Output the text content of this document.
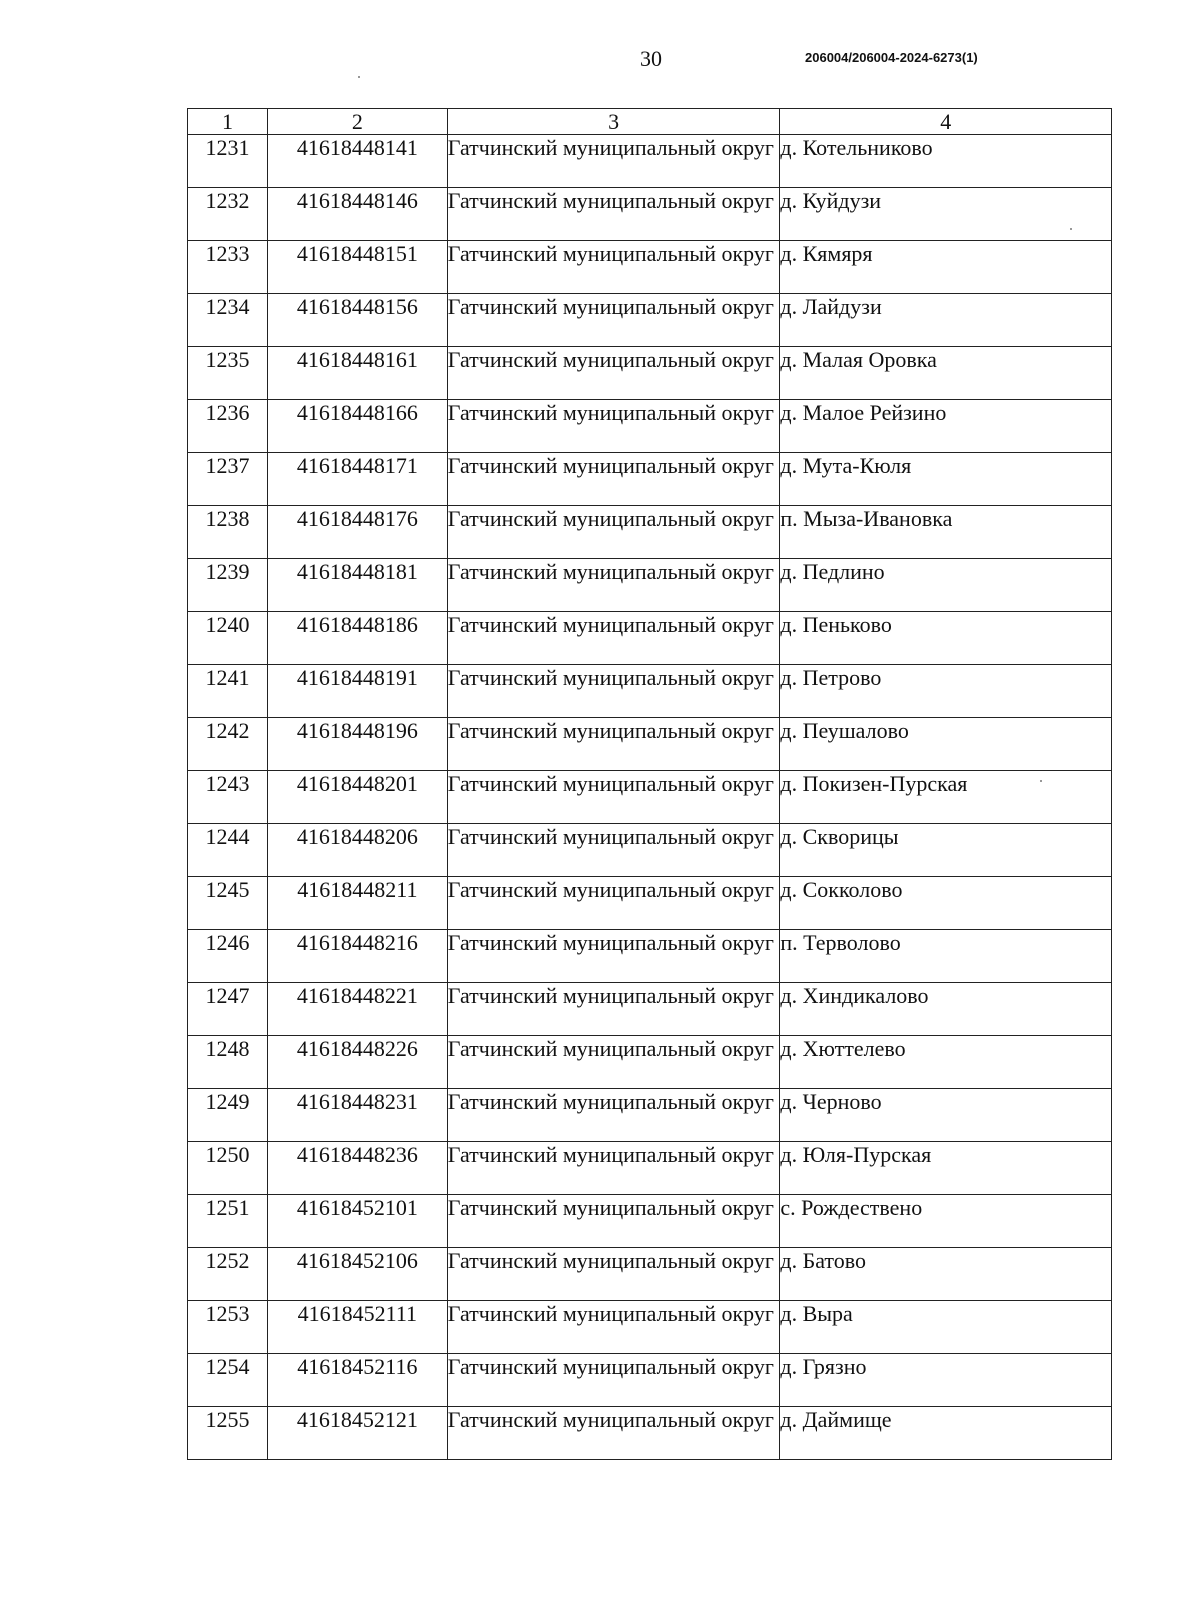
30	206004/206004-2024-6273(1)
1	2	3	4
1231	41618448141	Гатчинский муниципальный округ	д. Котельниково
1232	41618448146	Гатчинский муниципальный округ	д. Куйдузи
1233	41618448151	Гатчинский муниципальный округ	д. Кямяря
1234	41618448156	Гатчинский муниципальный округ	д. Лайдузи
1235	41618448161	Гатчинский муниципальный округ	д. Малая Оровка
1236	41618448166	Гатчинский муниципальный округ	д. Малое Рейзино
1237	41618448171	Гатчинский муниципальный округ	д. Мута-Кюля
1238	41618448176	Гатчинский муниципальный округ	п. Мыза-Ивановка
1239	41618448181	Гатчинский муниципальный округ	д. Педлино
1240	41618448186	Гатчинский муниципальный округ	д. Пеньково
1241	41618448191	Гатчинский муниципальный округ	д. Петрово
1242	41618448196	Гатчинский муниципальный округ	д. Пеушалово
1243	41618448201	Гатчинский муниципальный округ	д. Покизен-Пурская
1244	41618448206	Гатчинский муниципальный округ	д. Скворицы
1245	41618448211	Гатчинский муниципальный округ	д. Сокколово
1246	41618448216	Гатчинский муниципальный округ	п. Терволово
1247	41618448221	Гатчинский муниципальный округ	д. Хиндикалово
1248	41618448226	Гатчинский муниципальный округ	д. Хюттелево
1249	41618448231	Гатчинский муниципальный округ	д. Черново
1250	41618448236	Гатчинский муниципальный округ	д. Юля-Пурская
1251	41618452101	Гатчинский муниципальный округ	с. Рождествено
1252	41618452106	Гатчинский муниципальный округ	д. Батово
1253	41618452111	Гатчинский муниципальный округ	д. Выра
1254	41618452116	Гатчинский муниципальный округ	д. Грязно
1255	41618452121	Гатчинский муниципальный округ	д. Даймище
